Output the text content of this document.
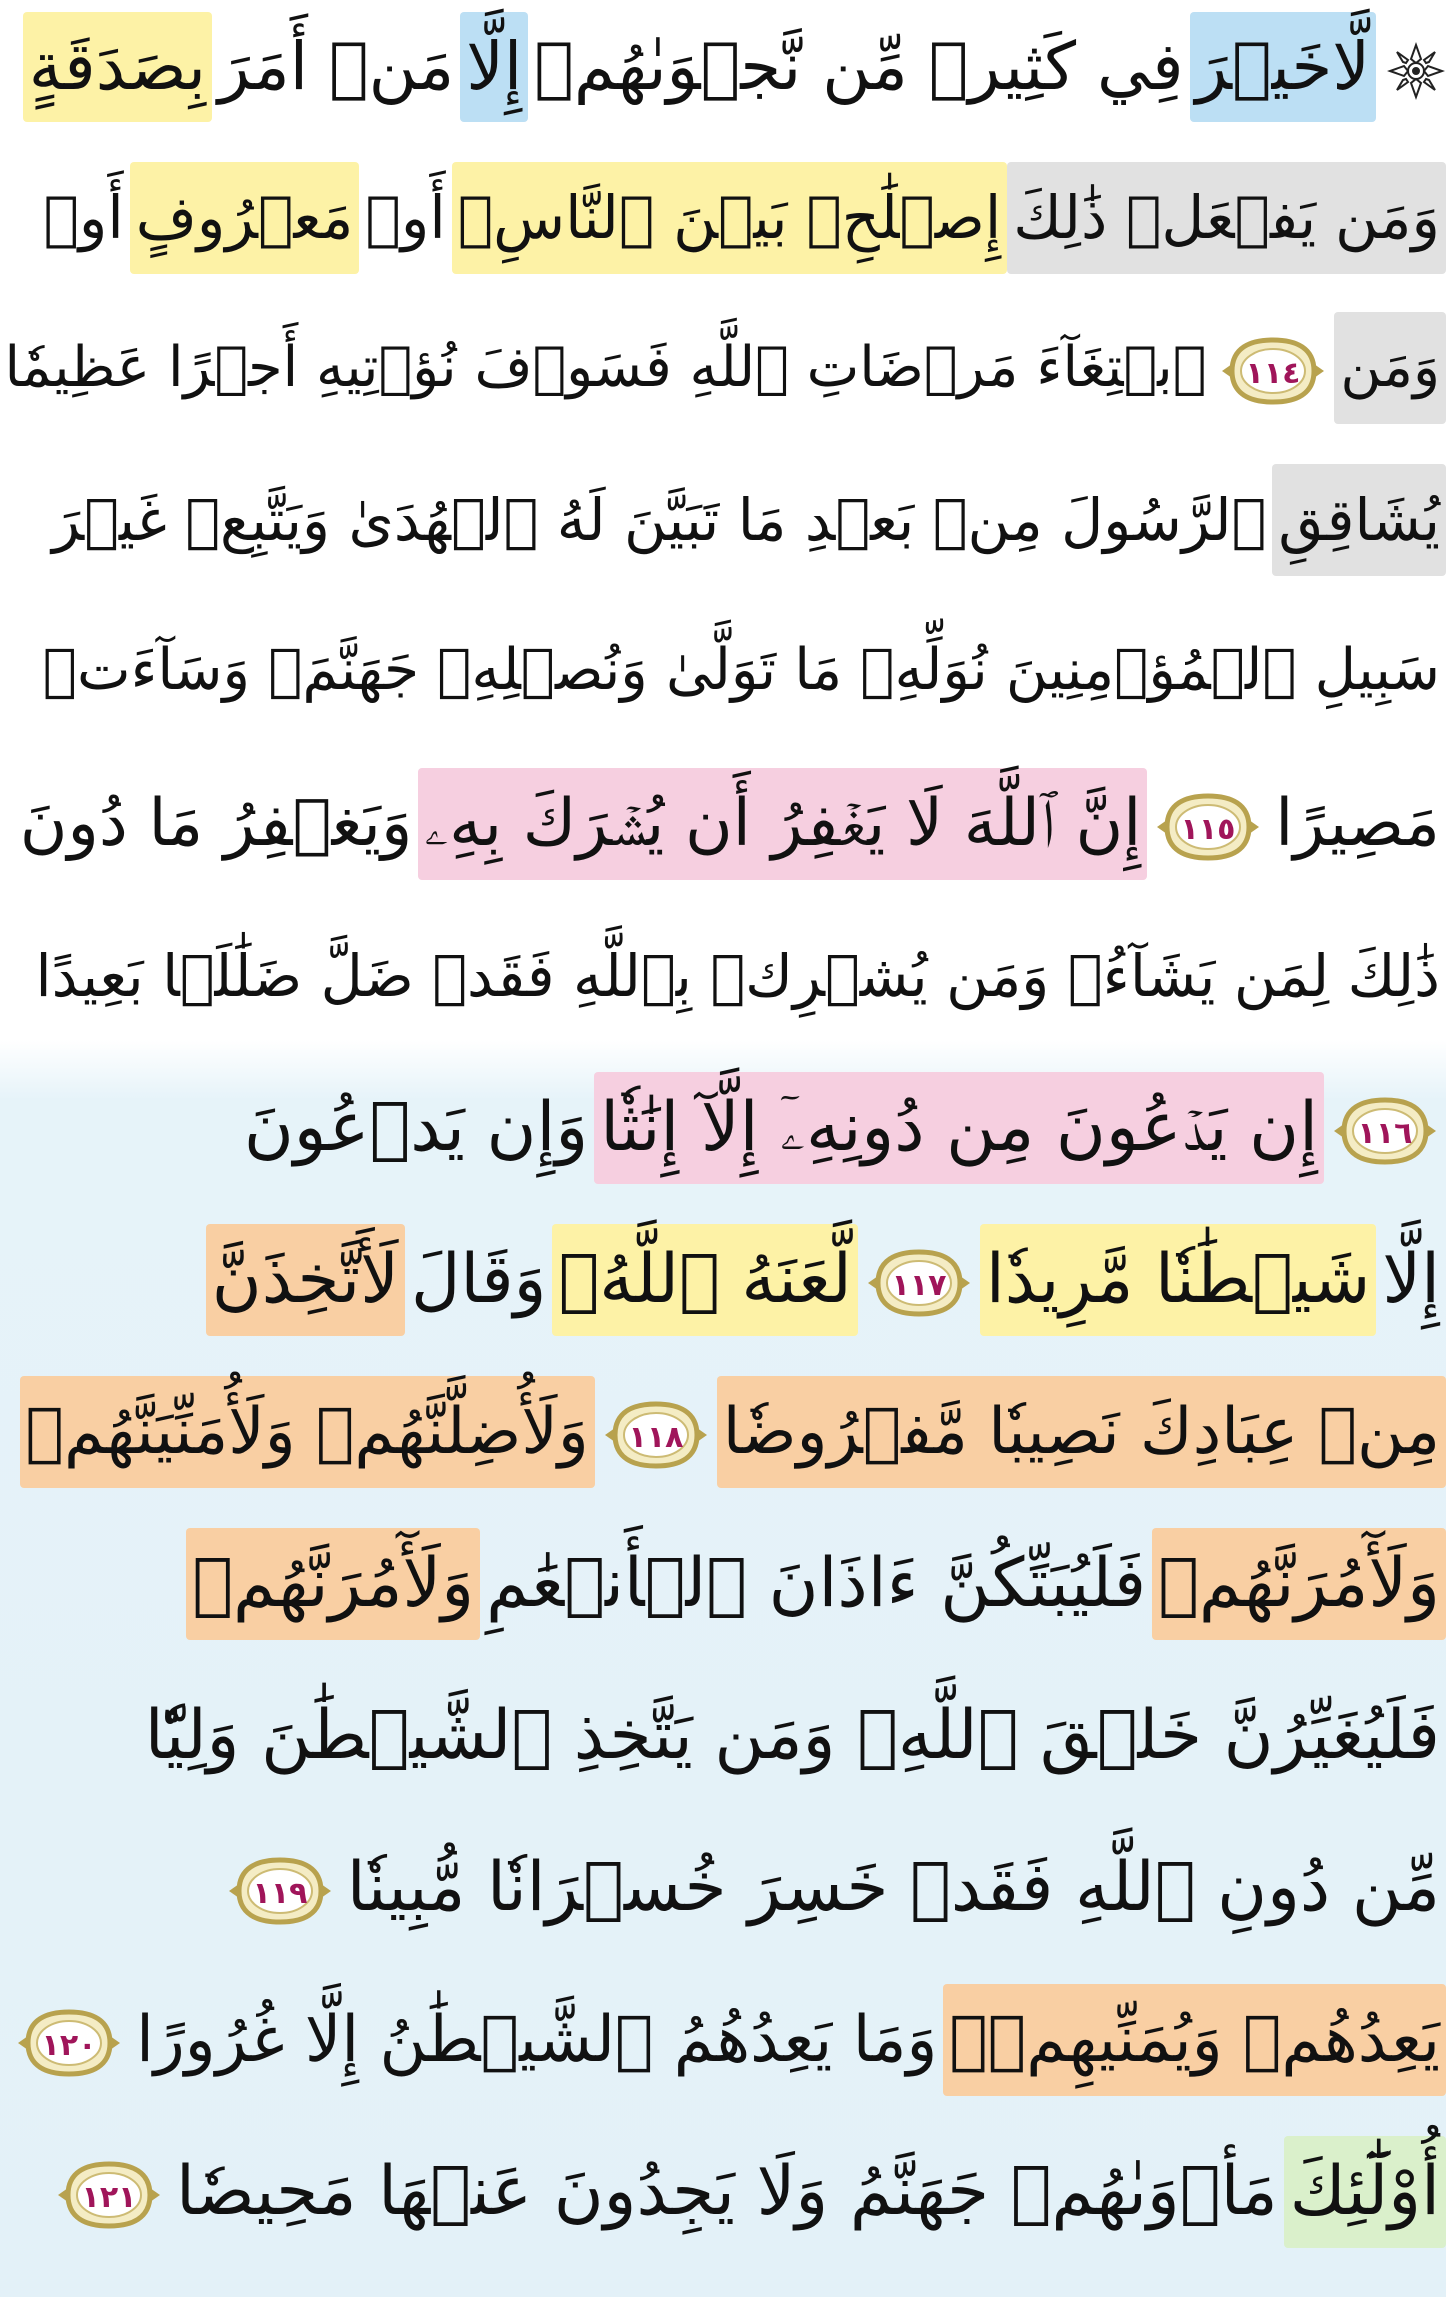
لَّاخَيۡرَفِي كَثِيرٖ مِّن نَّجۡوَىٰهُمۡإِلَّامَنۡ أَمَرَبِصَدَقَةٍ
وَمَن يَفۡعَلۡ ذَٰلِكَإِصۡلَٰحِۭ بَيۡنَ ٱلنَّاسِۚأَوۡمَعۡرُوفٍأَوۡ
وَمَن
١١٤
ٱبۡتِغَآءَ مَرۡضَاتِ ٱللَّهِ فَسَوۡفَ نُؤۡتِيهِ أَجۡرًا عَظِيمٗا
يُشَاقِقِٱلرَّسُولَ مِنۢ بَعۡدِ مَا تَبَيَّنَ لَهُ ٱلۡهُدَىٰ وَيَتَّبِعۡ غَيۡرَ
سَبِيلِ ٱلۡمُؤۡمِنِينَ نُوَلِّهِۦ مَا تَوَلَّىٰ وَنُصۡلِهِۦ جَهَنَّمَۖ وَسَآءَتۡ
مَصِيرًا
١١٥
إِنَّ ٱللَّهَ لَا يَغۡفِرُ أَن يُشۡرَكَ بِهِۦوَيَغۡفِرُ مَا دُونَ
ذَٰلِكَ لِمَن يَشَآءُۚ وَمَن يُشۡرِكۡ بِٱللَّهِ فَقَدۡ ضَلَّ ضَلَٰلَۢا بَعِيدًا
١١٦
إِن يَدۡعُونَ مِن دُونِهِۦٓ إِلَّآ إِنَٰثٗاوَإِن يَدۡعُونَ
إِلَّاشَيۡطَٰنٗا مَّرِيدٗا
١١٧
لَّعَنَهُ ٱللَّهُۘوَقَالَلَأَتَّخِذَنَّ
مِنۡ عِبَادِكَ نَصِيبٗا مَّفۡرُوضٗا
١١٨
وَلَأُضِلَّنَّهُمۡ وَلَأُمَنِّيَنَّهُمۡ
وَلَأٓمُرَنَّهُمۡفَلَيُبَتِّكُنَّ ءَاذَانَ ٱلۡأَنۡعَٰمِوَلَأٓمُرَنَّهُمۡ
فَلَيُغَيِّرُنَّ خَلۡقَ ٱللَّهِۚ وَمَن يَتَّخِذِ ٱلشَّيۡطَٰنَ وَلِيّٗا
مِّن دُونِ ٱللَّهِ فَقَدۡ خَسِرَ خُسۡرَانٗا مُّبِينٗا
١١٩
يَعِدُهُمۡ وَيُمَنِّيهِمۡۖوَمَا يَعِدُهُمُ ٱلشَّيۡطَٰنُ إِلَّا غُرُورًا
١٢٠
أُوْلَٰٓئِكَمَأۡوَىٰهُمۡ جَهَنَّمُ وَلَا يَجِدُونَ عَنۡهَا مَحِيصٗا
١٢١
